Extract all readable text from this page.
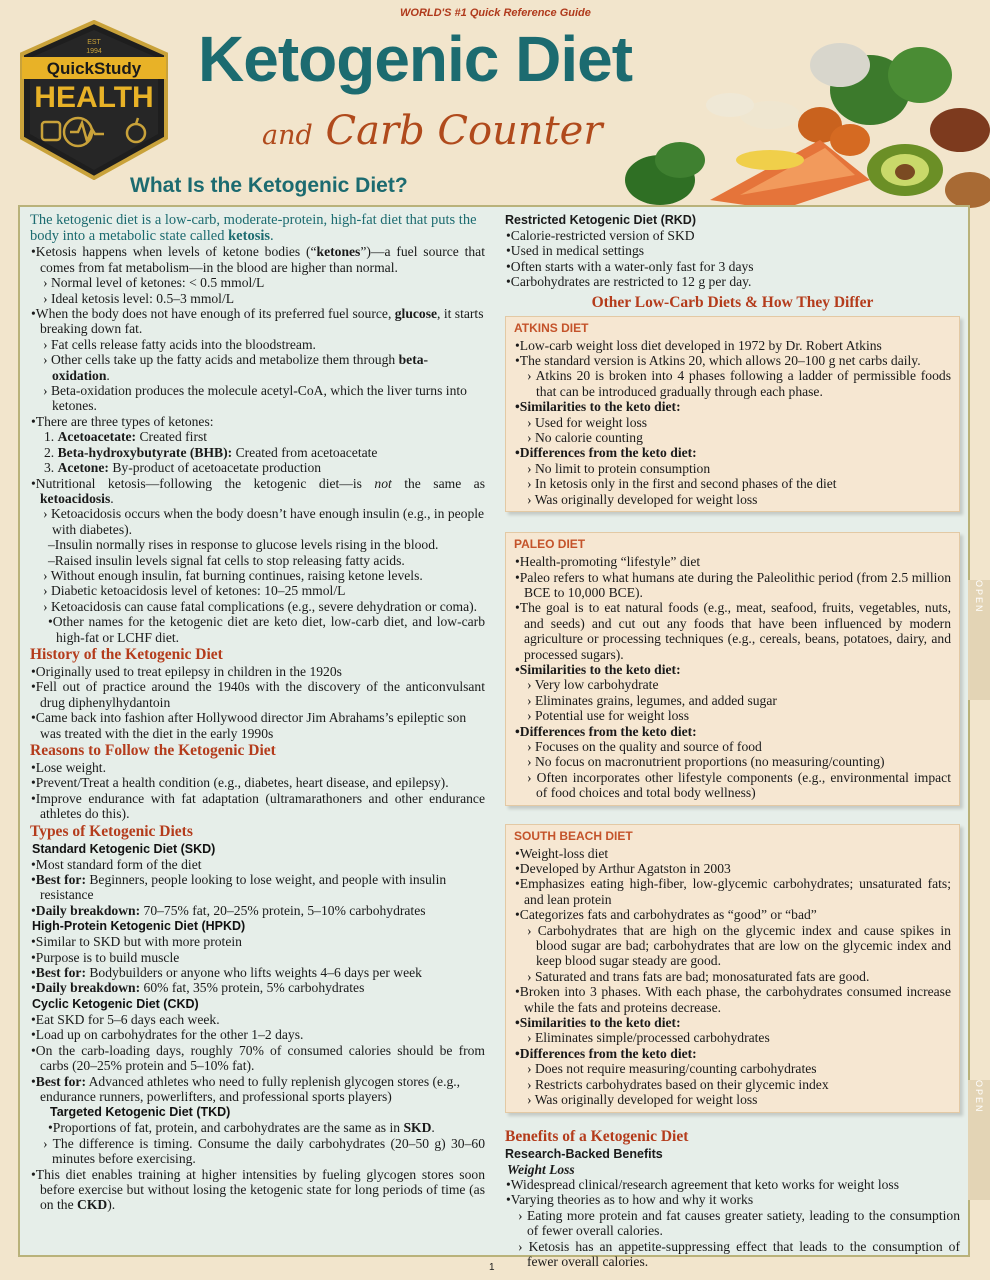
WORLD'S #1 Quick Reference Guide
EST
1994
QuickStudy
HEALTH
Ketogenic Diet
and Carb Counter
What Is the Ketogenic Diet?

The ketogenic diet is a low-carb, moderate-protein, high-fat diet that puts the body into a metabolic state called ketosis.

•Ketosis happens when levels of ketone bodies (“ketones”)—a fuel source that comes from fat metabolism—in the blood are higher than normal.

› Normal level of ketones: < 0.5 mmol/L

› Ideal ketosis level: 0.5–3 mmol/L

•When the body does not have enough of its preferred fuel source, glucose, it starts breaking down fat.

› Fat cells release fatty acids into the bloodstream.

› Other cells take up the fatty acids and metabolize them through beta-oxidation.

› Beta-oxidation produces the molecule acetyl-CoA, which the liver turns into ketones.

•There are three types of ketones:

1. Acetoacetate: Created first

2. Beta-hydroxybutyrate (BHB): Created from acetoacetate

3. Acetone: By-product of acetoacetate production

•Nutritional ketosis—following the ketogenic diet—is not the same as ketoacidosis.

› Ketoacidosis occurs when the body doesn’t have enough insulin (e.g., in people with diabetes).

–Insulin normally rises in response to glucose levels rising in the blood.

–Raised insulin levels signal fat cells to stop releasing fatty acids.

› Without enough insulin, fat burning continues, raising ketone levels.

› Diabetic ketoacidosis level of ketones: 10–25 mmol/L

› Ketoacidosis can cause fatal complications (e.g., severe dehydration or coma).

•Other names for the ketogenic diet are keto diet, low-carb diet, and low-carb high-fat or LCHF diet.

History of the Ketogenic Diet

•Originally used to treat epilepsy in children in the 1920s

•Fell out of practice around the 1940s with the discovery of the anticonvulsant drug diphenylhydantoin

•Came back into fashion after Hollywood director Jim Abrahams’s epileptic son was treated with the diet in the early 1990s

Reasons to Follow the Ketogenic Diet

•Lose weight.

•Prevent/Treat a health condition (e.g., diabetes, heart disease, and epilepsy).

•Improve endurance with fat adaptation (ultramarathoners and other endurance athletes do this).

Types of Ketogenic Diets

Standard Ketogenic Diet (SKD)

•Most standard form of the diet

•Best for: Beginners, people looking to lose weight, and people with insulin resistance

•Daily breakdown: 70–75% fat, 20–25% protein, 5–10% carbohydrates

High-Protein Ketogenic Diet (HPKD)

•Similar to SKD but with more protein

•Purpose is to build muscle

•Best for: Bodybuilders or anyone who lifts weights 4–6 days per week

•Daily breakdown: 60% fat, 35% protein, 5% carbohydrates

Cyclic Ketogenic Diet (CKD)

•Eat SKD for 5–6 days each week.

•Load up on carbohydrates for the other 1–2 days.

•On the carb-loading days, roughly 70% of consumed calories should be from carbs (20–25% protein and 5–10% fat).

•Best for: Advanced athletes who need to fully replenish glycogen stores (e.g., endurance runners, powerlifters, and professional sports players)

Targeted Ketogenic Diet (TKD)

•Proportions of fat, protein, and carbohydrates are the same as in SKD.

› The difference is timing. Consume the daily carbohydrates (20–50 g) 30–60 minutes before exercising.

•This diet enables training at higher intensities by fueling glycogen stores soon before exercise but without losing the ketogenic state for long periods of time (as on the CKD).

Restricted Ketogenic Diet (RKD)

•Calorie-restricted version of SKD

•Used in medical settings

•Often starts with a water-only fast for 3 days

•Carbohydrates are restricted to 12 g per day.

Other Low-Carb Diets & How They Differ

ATKINS DIET

•Low-carb weight loss diet developed in 1972 by Dr. Robert Atkins

•The standard version is Atkins 20, which allows 20–100 g net carbs daily.

› Atkins 20 is broken into 4 phases following a ladder of permissible foods that can be introduced gradually through each phase.

•Similarities to the keto diet:

› Used for weight loss

› No calorie counting

•Differences from the keto diet:

› No limit to protein consumption

› In ketosis only in the first and second phases of the diet

› Was originally developed for weight loss

PALEO DIET

•Health-promoting “lifestyle” diet

•Paleo refers to what humans ate during the Paleolithic period (from 2.5 million BCE to 10,000 BCE).

•The goal is to eat natural foods (e.g., meat, seafood, fruits, vegetables, nuts, and seeds) and cut out any foods that have been influenced by modern agriculture or processing techniques (e.g., cereals, beans, potatoes, dairy, and processed sugars).

•Similarities to the keto diet:

› Very low carbohydrate

› Eliminates grains, legumes, and added sugar

› Potential use for weight loss

•Differences from the keto diet:

› Focuses on the quality and source of food

› No focus on macronutrient proportions (no measuring/counting)

› Often incorporates other lifestyle components (e.g., environmental impact of food choices and total body wellness)

SOUTH BEACH DIET

•Weight-loss diet

•Developed by Arthur Agatston in 2003

•Emphasizes eating high-fiber, low-glycemic carbohydrates; unsaturated fats; and lean protein

•Categorizes fats and carbohydrates as “good” or “bad”

› Carbohydrates that are high on the glycemic index and cause spikes in blood sugar are bad; carbohydrates that are low on the glycemic index and keep blood sugar steady are good.

› Saturated and trans fats are bad; monosaturated fats are good.

•Broken into 3 phases. With each phase, the carbohydrates consumed increase while the fats and proteins decrease.

•Similarities to the keto diet:

› Eliminates simple/processed carbohydrates

•Differences from the keto diet:

› Does not require measuring/counting carbohydrates

› Restricts carbohydrates based on their glycemic index

› Was originally developed for weight loss

Benefits of a Ketogenic Diet

Research-Backed Benefits

Weight Loss

•Widespread clinical/research agreement that keto works for weight loss

•Varying theories as to how and why it works

› Eating more protein and fat causes greater satiety, leading to the consumption of fewer overall calories.

› Ketosis has an appetite-suppressing effect that leads to the consumption of fewer overall calories.

OPEN
OPEN
1
